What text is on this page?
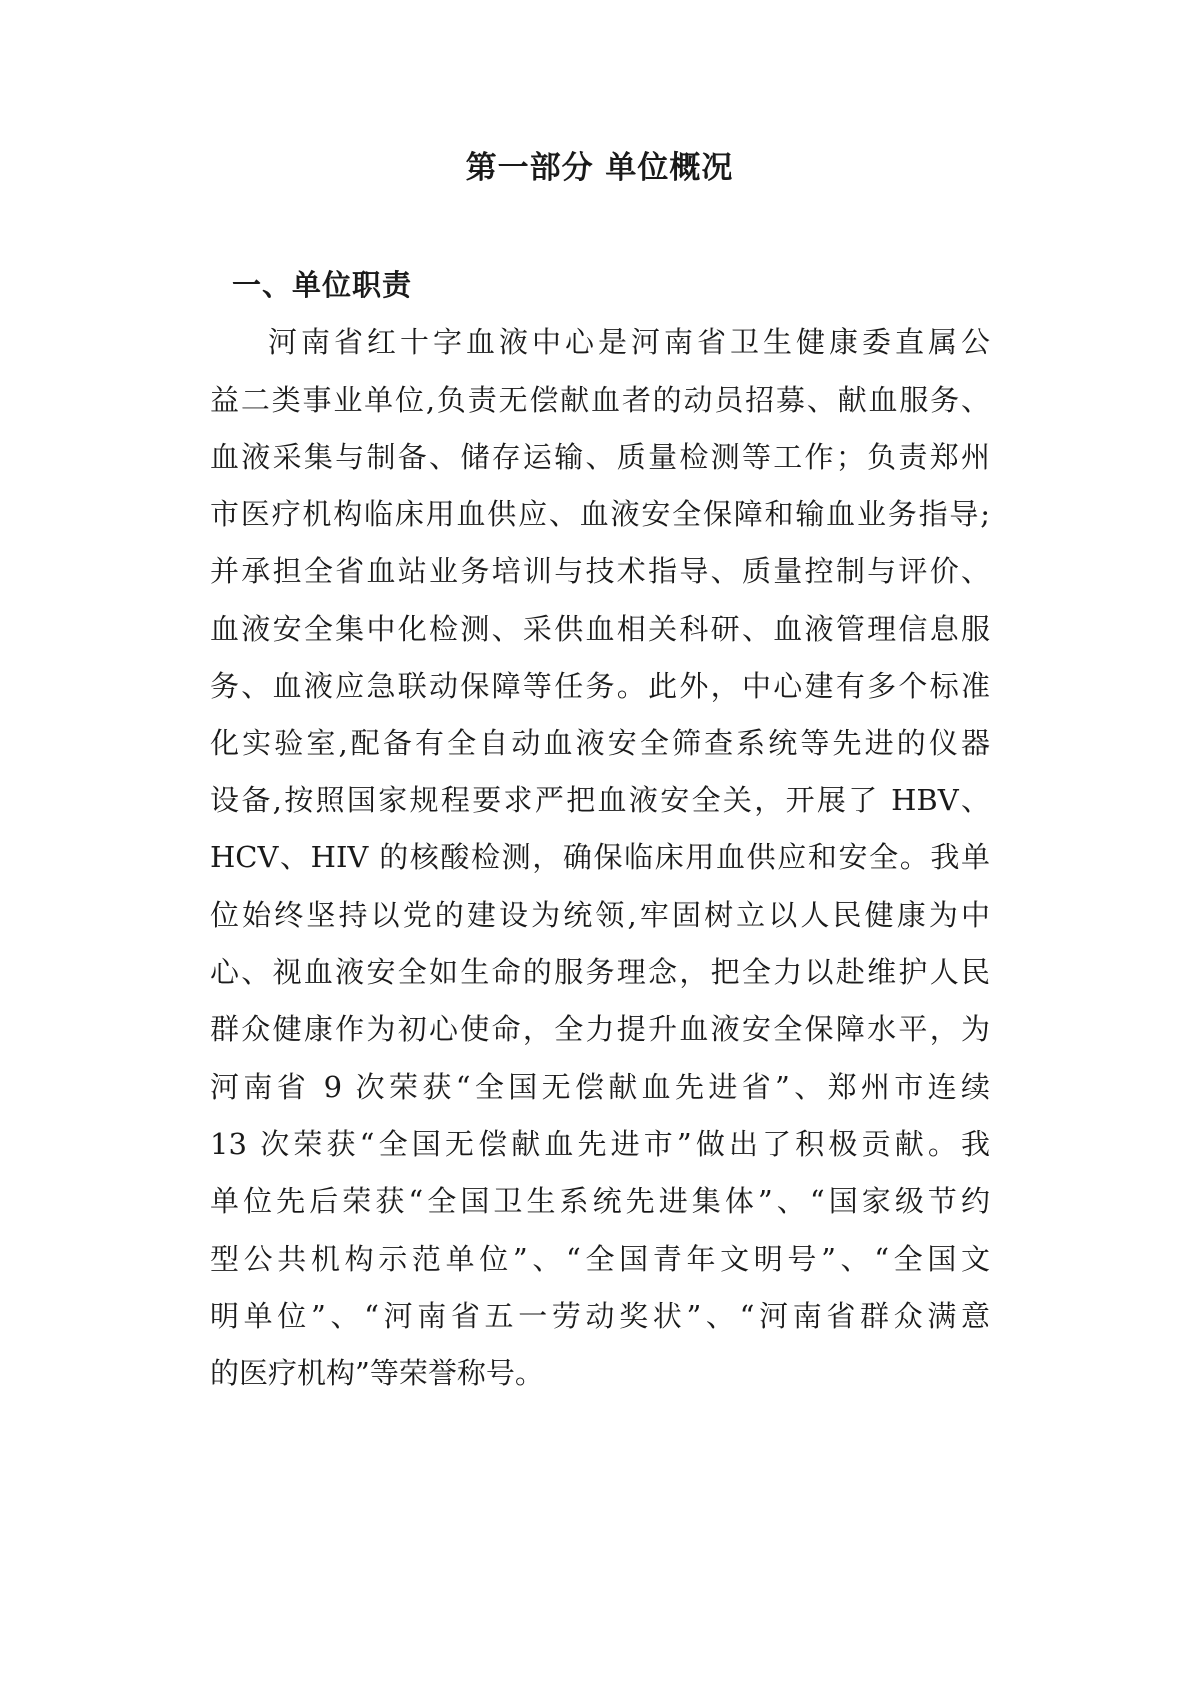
第一部分 单位概况
一、单位职责
河南省红十字血液中心是河南省卫生健康委直属公
益二类事业单位,负责无偿献血者的动员招募、献血服务、
血液采集与制备、储存运输、质量检测等工作；负责郑州
市医疗机构临床用血供应、血液安全保障和输血业务指导;
并承担全省血站业务培训与技术指导、质量控制与评价、
血液安全集中化检测、采供血相关科研、血液管理信息服
务、血液应急联动保障等任务。此外，中心建有多个标准
化实验室,配备有全自动血液安全筛查系统等先进的仪器
设备,按照国家规程要求严把血液安全关，开展了 HBV、
HCV、HIV 的核酸检测，确保临床用血供应和安全。我单
位始终坚持以党的建设为统领,牢固树立以人民健康为中
心、视血液安全如生命的服务理念，把全力以赴维护人民
群众健康作为初心使命，全力提升血液安全保障水平，为
河南省 9 次荣获“全国无偿献血先进省”、郑州市连续
13 次荣获“全国无偿献血先进市”做出了积极贡献。我
单位先后荣获“全国卫生系统先进集体”、“国家级节约
型公共机构示范单位”、“全国青年文明号”、“全国文
明单位”、“河南省五一劳动奖状”、“河南省群众满意
的医疗机构”等荣誉称号。
